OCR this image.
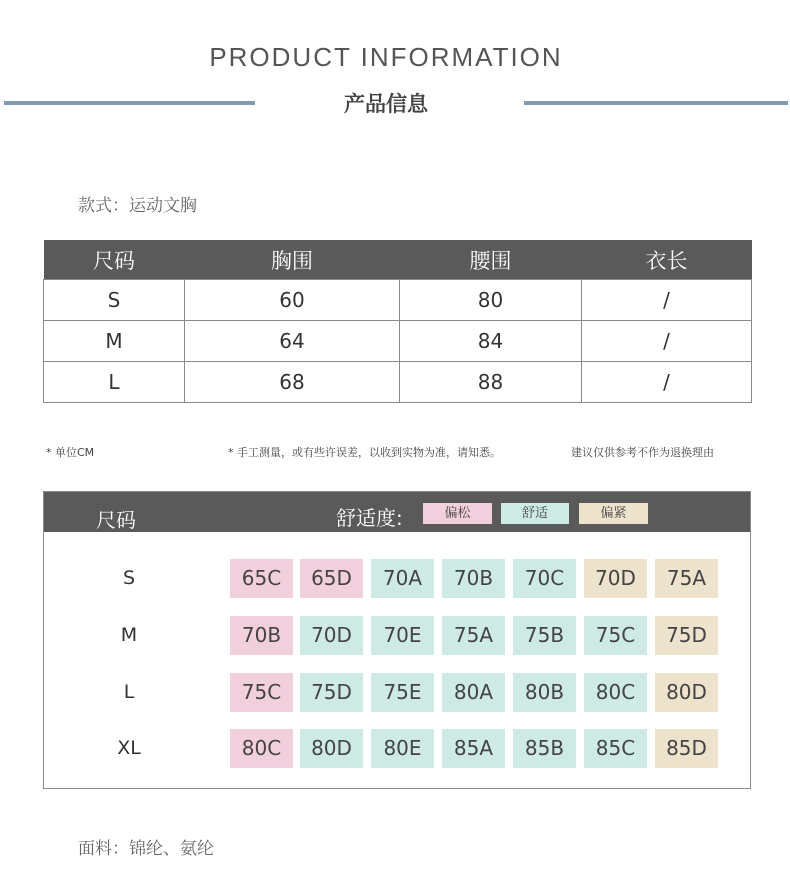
PRODUCT INFORMATION
产品信息
款式：运动文胸
尺码	胸围	腰围	衣长
S	60	80	/
M	64	84	/
L	68	88	/
* 单位CM	* 手工测量，或有些许误差，以收到实物为准，请知悉。	建议仅供参考不作为退换理由
尺码	舒适度:	偏松	舒适	偏紧
S	65C	65D	70A	70B	70C	70D	75A
M	70B	70D	70E	75A	75B	75C	75D
L	75C	75D	75E	80A	80B	80C	80D
XL	80C	80D	80E	85A	85B	85C	85D
面料：锦纶、氨纶
